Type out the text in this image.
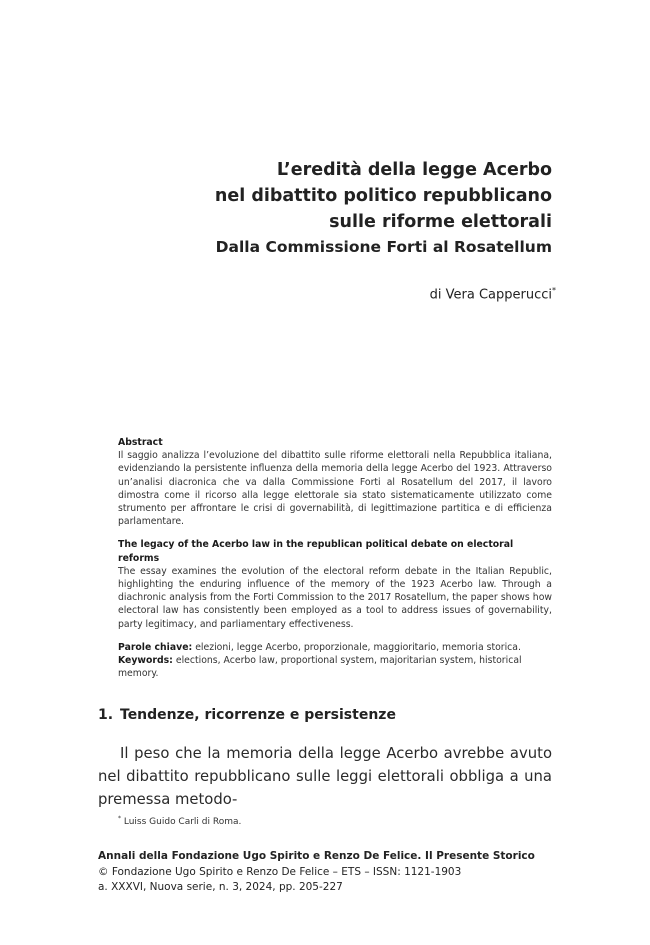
L’eredità della legge Acerbo
nel dibattito politico repubblicano
sulle riforme elettorali
Dalla Commissione Forti al Rosatellum
di Vera Capperucci*
Abstract
Il saggio analizza l’evoluzione del dibattito sulle riforme elettorali nella Repubblica italiana, evidenziando la persistente influenza della memoria della legge Acerbo del 1923. Attraverso un’analisi diacronica che va dalla Commissione Forti al Rosatellum del 2017, il lavoro dimostra come il ricorso alla legge elettorale sia stato sistematicamente utilizzato come strumento per affrontare le crisi di governabilità, di legittimazione partitica e di efficienza parlamentare.
The legacy of the Acerbo law in the republican political debate on electoral reforms
The essay examines the evolution of the electoral reform debate in the Italian Republic, highlighting the enduring influence of the memory of the 1923 Acerbo law. Through a diachronic analysis from the Forti Commission to the 2017 Rosatellum, the paper shows how electoral law has consistently been employed as a tool to address issues of governability, party legitimacy, and parliamentary effectiveness.
Parole chiave: elezioni, legge Acerbo, proporzionale, maggioritario, memoria storica.
Keywords: elections, Acerbo law, proportional system, majoritarian system, historical memory.
1. Tendenze, ricorrenze e persistenze
Il peso che la memoria della legge Acerbo avrebbe avuto nel dibattito repubblicano sulle leggi elettorali obbliga a una premessa metodo-
* Luiss Guido Carli di Roma.
Annali della Fondazione Ugo Spirito e Renzo De Felice. Il Presente Storico
© Fondazione Ugo Spirito e Renzo De Felice – ETS – ISSN: 1121-1903
a. XXXVI, Nuova serie, n. 3, 2024, pp. 205-227
